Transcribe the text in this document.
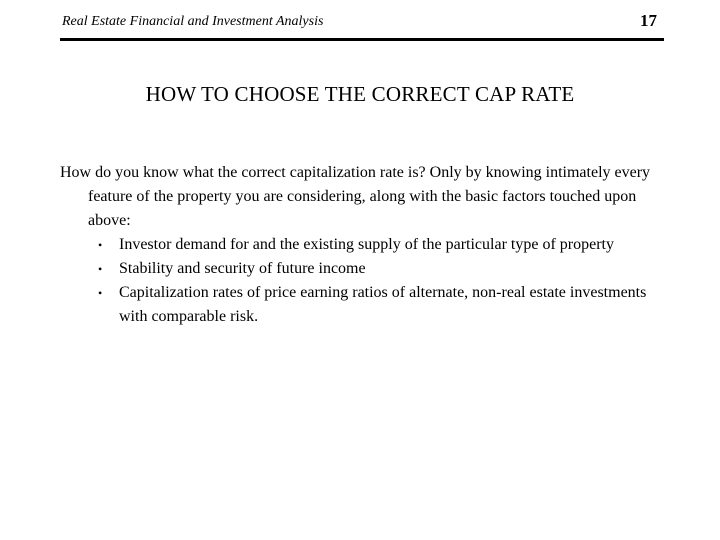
Real Estate Financial and Investment Analysis	17
HOW TO CHOOSE THE CORRECT CAP RATE

How do you know what the correct capitalization rate is? Only by knowing intimately every feature of the property you are considering, along with the basic factors touched upon above:

• Investor demand for and the existing supply of the particular type of property
• Stability and security of future income
• Capitalization rates of price earning ratios of alternate, non-real estate investments with comparable risk.
